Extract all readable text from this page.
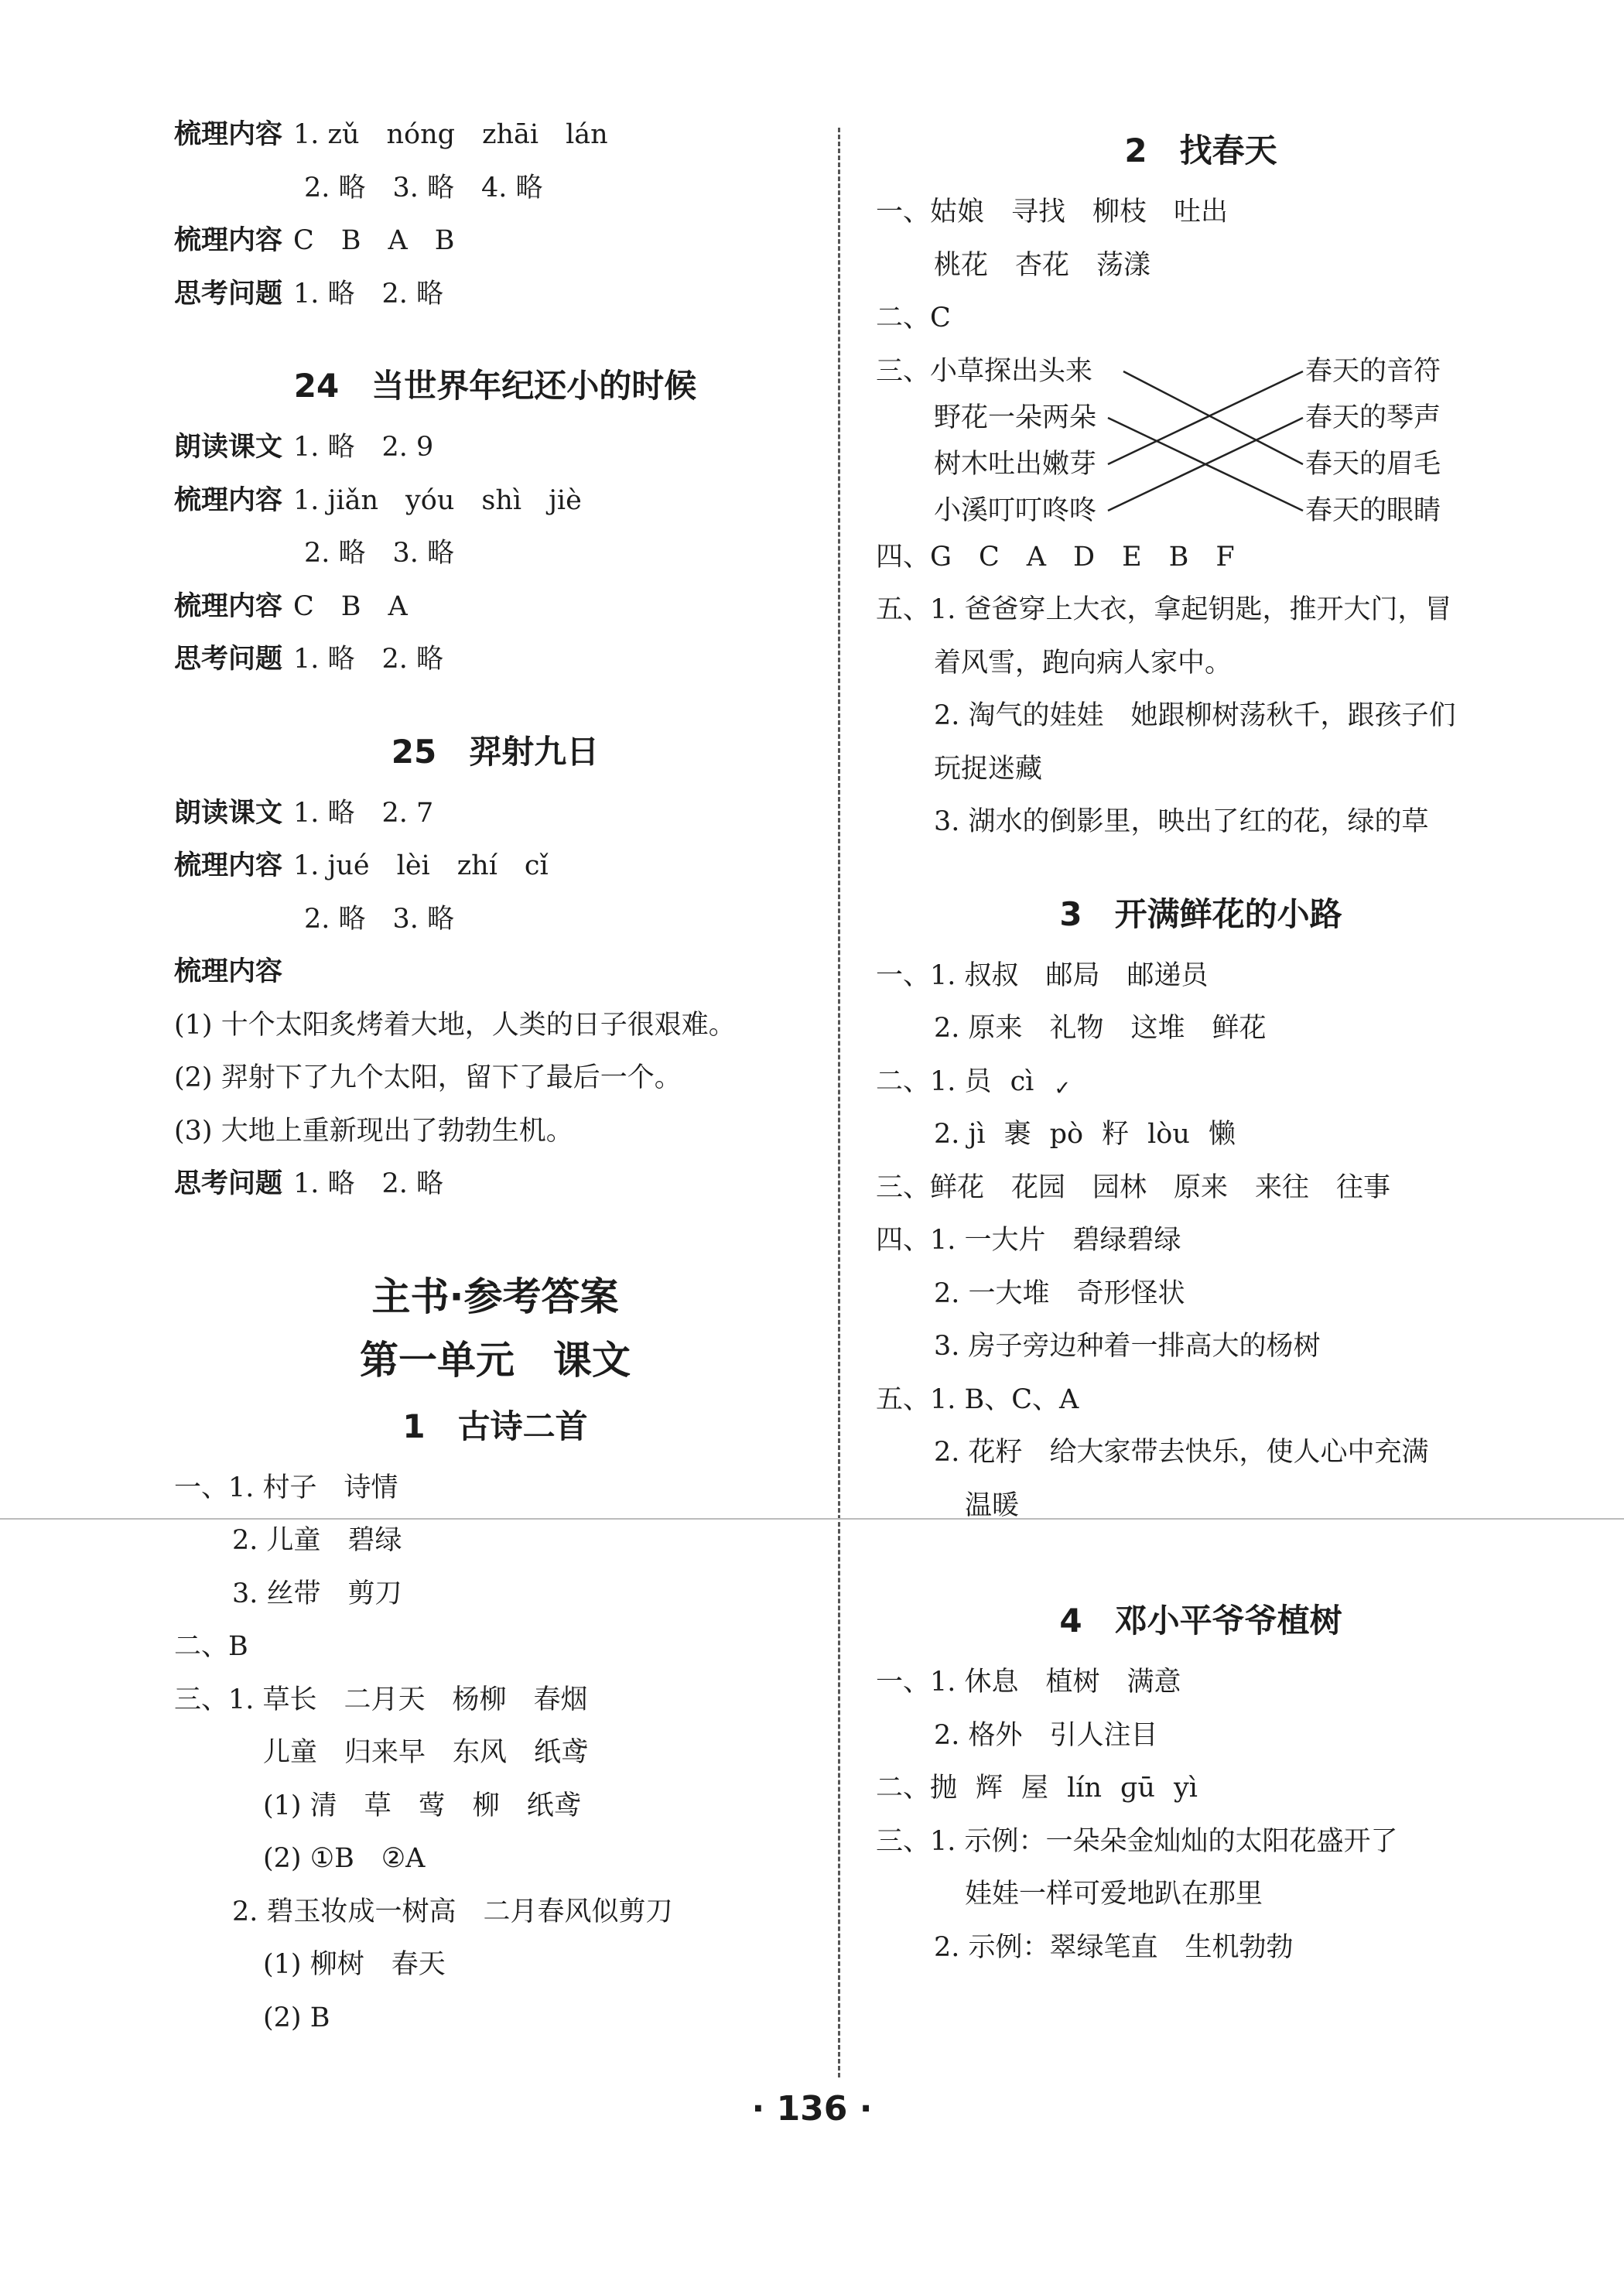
梳理内容 1. zǔ　nóng　zhāi　lán
2. 略　3. 略　4. 略
梳理内容 C　B　A　B
思考问题 1. 略　2. 略
24　当世界年纪还小的时候
朗读课文 1. 略　2. 9
梳理内容 1. jiǎn　yóu　shì　jiè
2. 略　3. 略
梳理内容 C　B　A
思考问题 1. 略　2. 略
25　羿射九日
朗读课文 1. 略　2. 7
梳理内容 1. jué　lèi　zhí　cǐ
2. 略　3. 略
梳理内容
(1) 十个太阳炙烤着大地，人类的日子很艰难。
(2) 羿射下了九个太阳，留下了最后一个。
(3) 大地上重新现出了勃勃生机。
思考问题 1. 略　2. 略
主书·参考答案
第一单元　课文
1　古诗二首
一、1. 村子　诗情
2. 儿童　碧绿
3. 丝带　剪刀
二、B
三、1. 草长　二月天　杨柳　春烟
儿童　归来早　东风　纸鸢
(1) 清　草　莺　柳　纸鸢
(2) ①B　②A
2. 碧玉妆成一树高　二月春风似剪刀
(1) 柳树　春天
(2) B
2　找春天
一、姑娘　寻找　柳枝　吐出
桃花　杏花　荡漾
二、C
三、小草探出头来
野花一朵两朵
树木吐出嫩芽
小溪叮叮咚咚
春天的音符
春天的琴声
春天的眉毛
春天的眼睛
四、G　C　A　D　E　B　F
五、1. 爸爸穿上大衣，拿起钥匙，推开大门，冒
着风雪，跑向病人家中。
2. 淘气的娃娃　她跟柳树荡秋千，跟孩子们
玩捉迷藏
3. 湖水的倒影里，映出了红的花，绿的草
3　开满鲜花的小路
一、1. 叔叔　邮局　邮递员
2. 原来　礼物　这堆　鲜花
二、1. 员 cì ✓
2. jì 裹 pò 籽 lòu 懒
三、鲜花　花园　园林　原来　来往　往事
四、1. 一大片　碧绿碧绿
2. 一大堆　奇形怪状
3. 房子旁边种着一排高大的杨树
五、1. B、C、A
2. 花籽　给大家带去快乐，使人心中充满
温暖
4　邓小平爷爷植树
一、1. 休息　植树　满意
2. 格外　引人注目
二、抛 辉 屋 lín ɡū yì
三、1. 示例：一朵朵金灿灿的太阳花盛开了
娃娃一样可爱地趴在那里
2. 示例：翠绿笔直　生机勃勃
· 136 ·
